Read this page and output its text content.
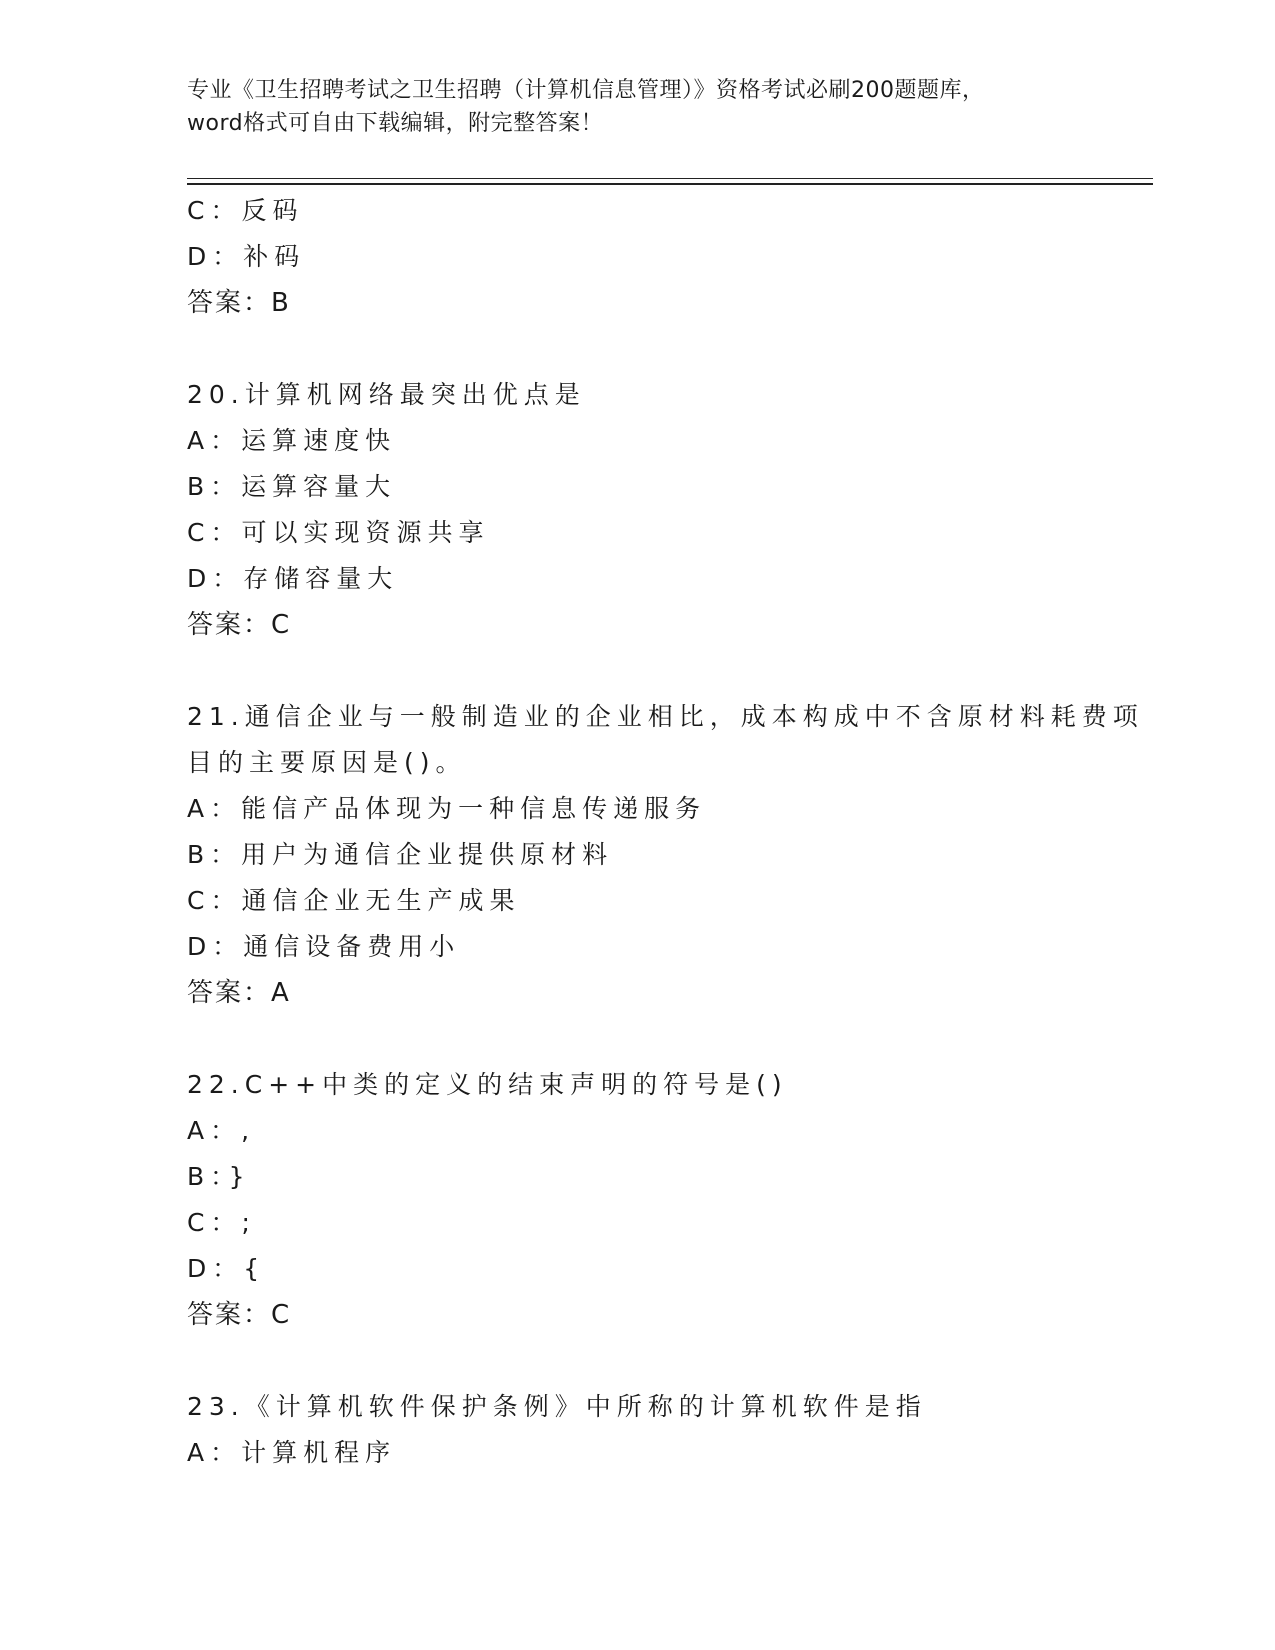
专业《卫生招聘考试之卫生招聘（计算机信息管理）》资格考试必刷200题题库，
word格式可自由下载编辑，附完整答案！
C：反码
D：补码
答案：B
20.计算机网络最突出优点是
A：运算速度快
B：运算容量大
C：可以实现资源共享
D：存储容量大
答案：C
21.通信企业与一般制造业的企业相比，成本构成中不含原材料耗费项
目的主要原因是()。
A：能信产品体现为一种信息传递服务
B：用户为通信企业提供原材料
C：通信企业无生产成果
D：通信设备费用小
答案：A
22.C++中类的定义的结束声明的符号是()
A：,
B：}
C：;
D：{
答案：C
23.《计算机软件保护条例》中所称的计算机软件是指
A：计算机程序
